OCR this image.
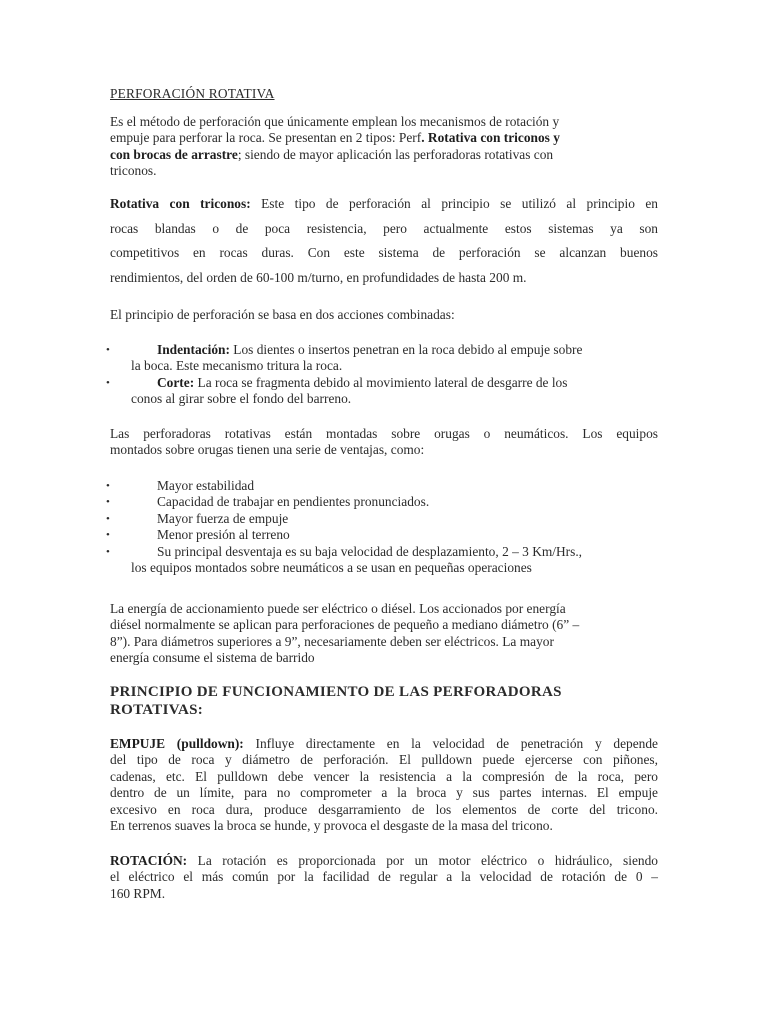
PERFORACIÓN ROTATIVA
Es el método de perforación que únicamente emplean los mecanismos de rotación y
empuje para perforar la roca. Se presentan en 2 tipos: Perf. Rotativa con triconos y
con brocas de arrastre; siendo de mayor aplicación las perforadoras rotativas con
triconos.
Rotativa con triconos: Este tipo de perforación al principio se utilizó al principio en
rocas blandas o de poca resistencia, pero actualmente estos sistemas ya son
competitivos en rocas duras. Con este sistema de perforación se alcanzan buenos
rendimientos, del orden de 60-100 m/turno, en profundidades de hasta 200 m.
El principio de perforación se basa en dos acciones combinadas:
•	Indentación: Los dientes o insertos penetran en la roca debido al empuje sobre
la boca. Este mecanismo tritura la roca.
•	Corte: La roca se fragmenta debido al movimiento lateral de desgarre de los
conos al girar sobre el fondo del barreno.
Las perforadoras rotativas están montadas sobre orugas o neumáticos. Los equipos
montados sobre orugas tienen una serie de ventajas, como:
•	Mayor estabilidad
•	Capacidad de trabajar en pendientes pronunciados.
•	Mayor fuerza de empuje
•	Menor presión al terreno
•	Su principal desventaja es su baja velocidad de desplazamiento, 2 – 3 Km/Hrs.,
los equipos montados sobre neumáticos a se usan en pequeñas operaciones
La energía de accionamiento puede ser eléctrico o diésel. Los accionados por energía
diésel normalmente se aplican para perforaciones de pequeño a mediano diámetro (6” –
8”). Para diámetros superiores a 9”, necesariamente deben ser eléctricos. La mayor
energía consume el sistema de barrido
PRINCIPIO DE FUNCIONAMIENTO DE LAS PERFORADORAS
ROTATIVAS:
EMPUJE (pulldown): Influye directamente en la velocidad de penetración y depende
del tipo de roca y diámetro de perforación. El pulldown puede ejercerse con piñones,
cadenas, etc. El pulldown debe vencer la resistencia a la compresión de la roca, pero
dentro de un límite, para no comprometer a la broca y sus partes internas. El empuje
excesivo en roca dura, produce desgarramiento de los elementos de corte del tricono.
En terrenos suaves la broca se hunde, y provoca el desgaste de la masa del tricono.
ROTACIÓN: La rotación es proporcionada por un motor eléctrico o hidráulico, siendo
el eléctrico el más común por la facilidad de regular a la velocidad de rotación de 0 –
160 RPM.
